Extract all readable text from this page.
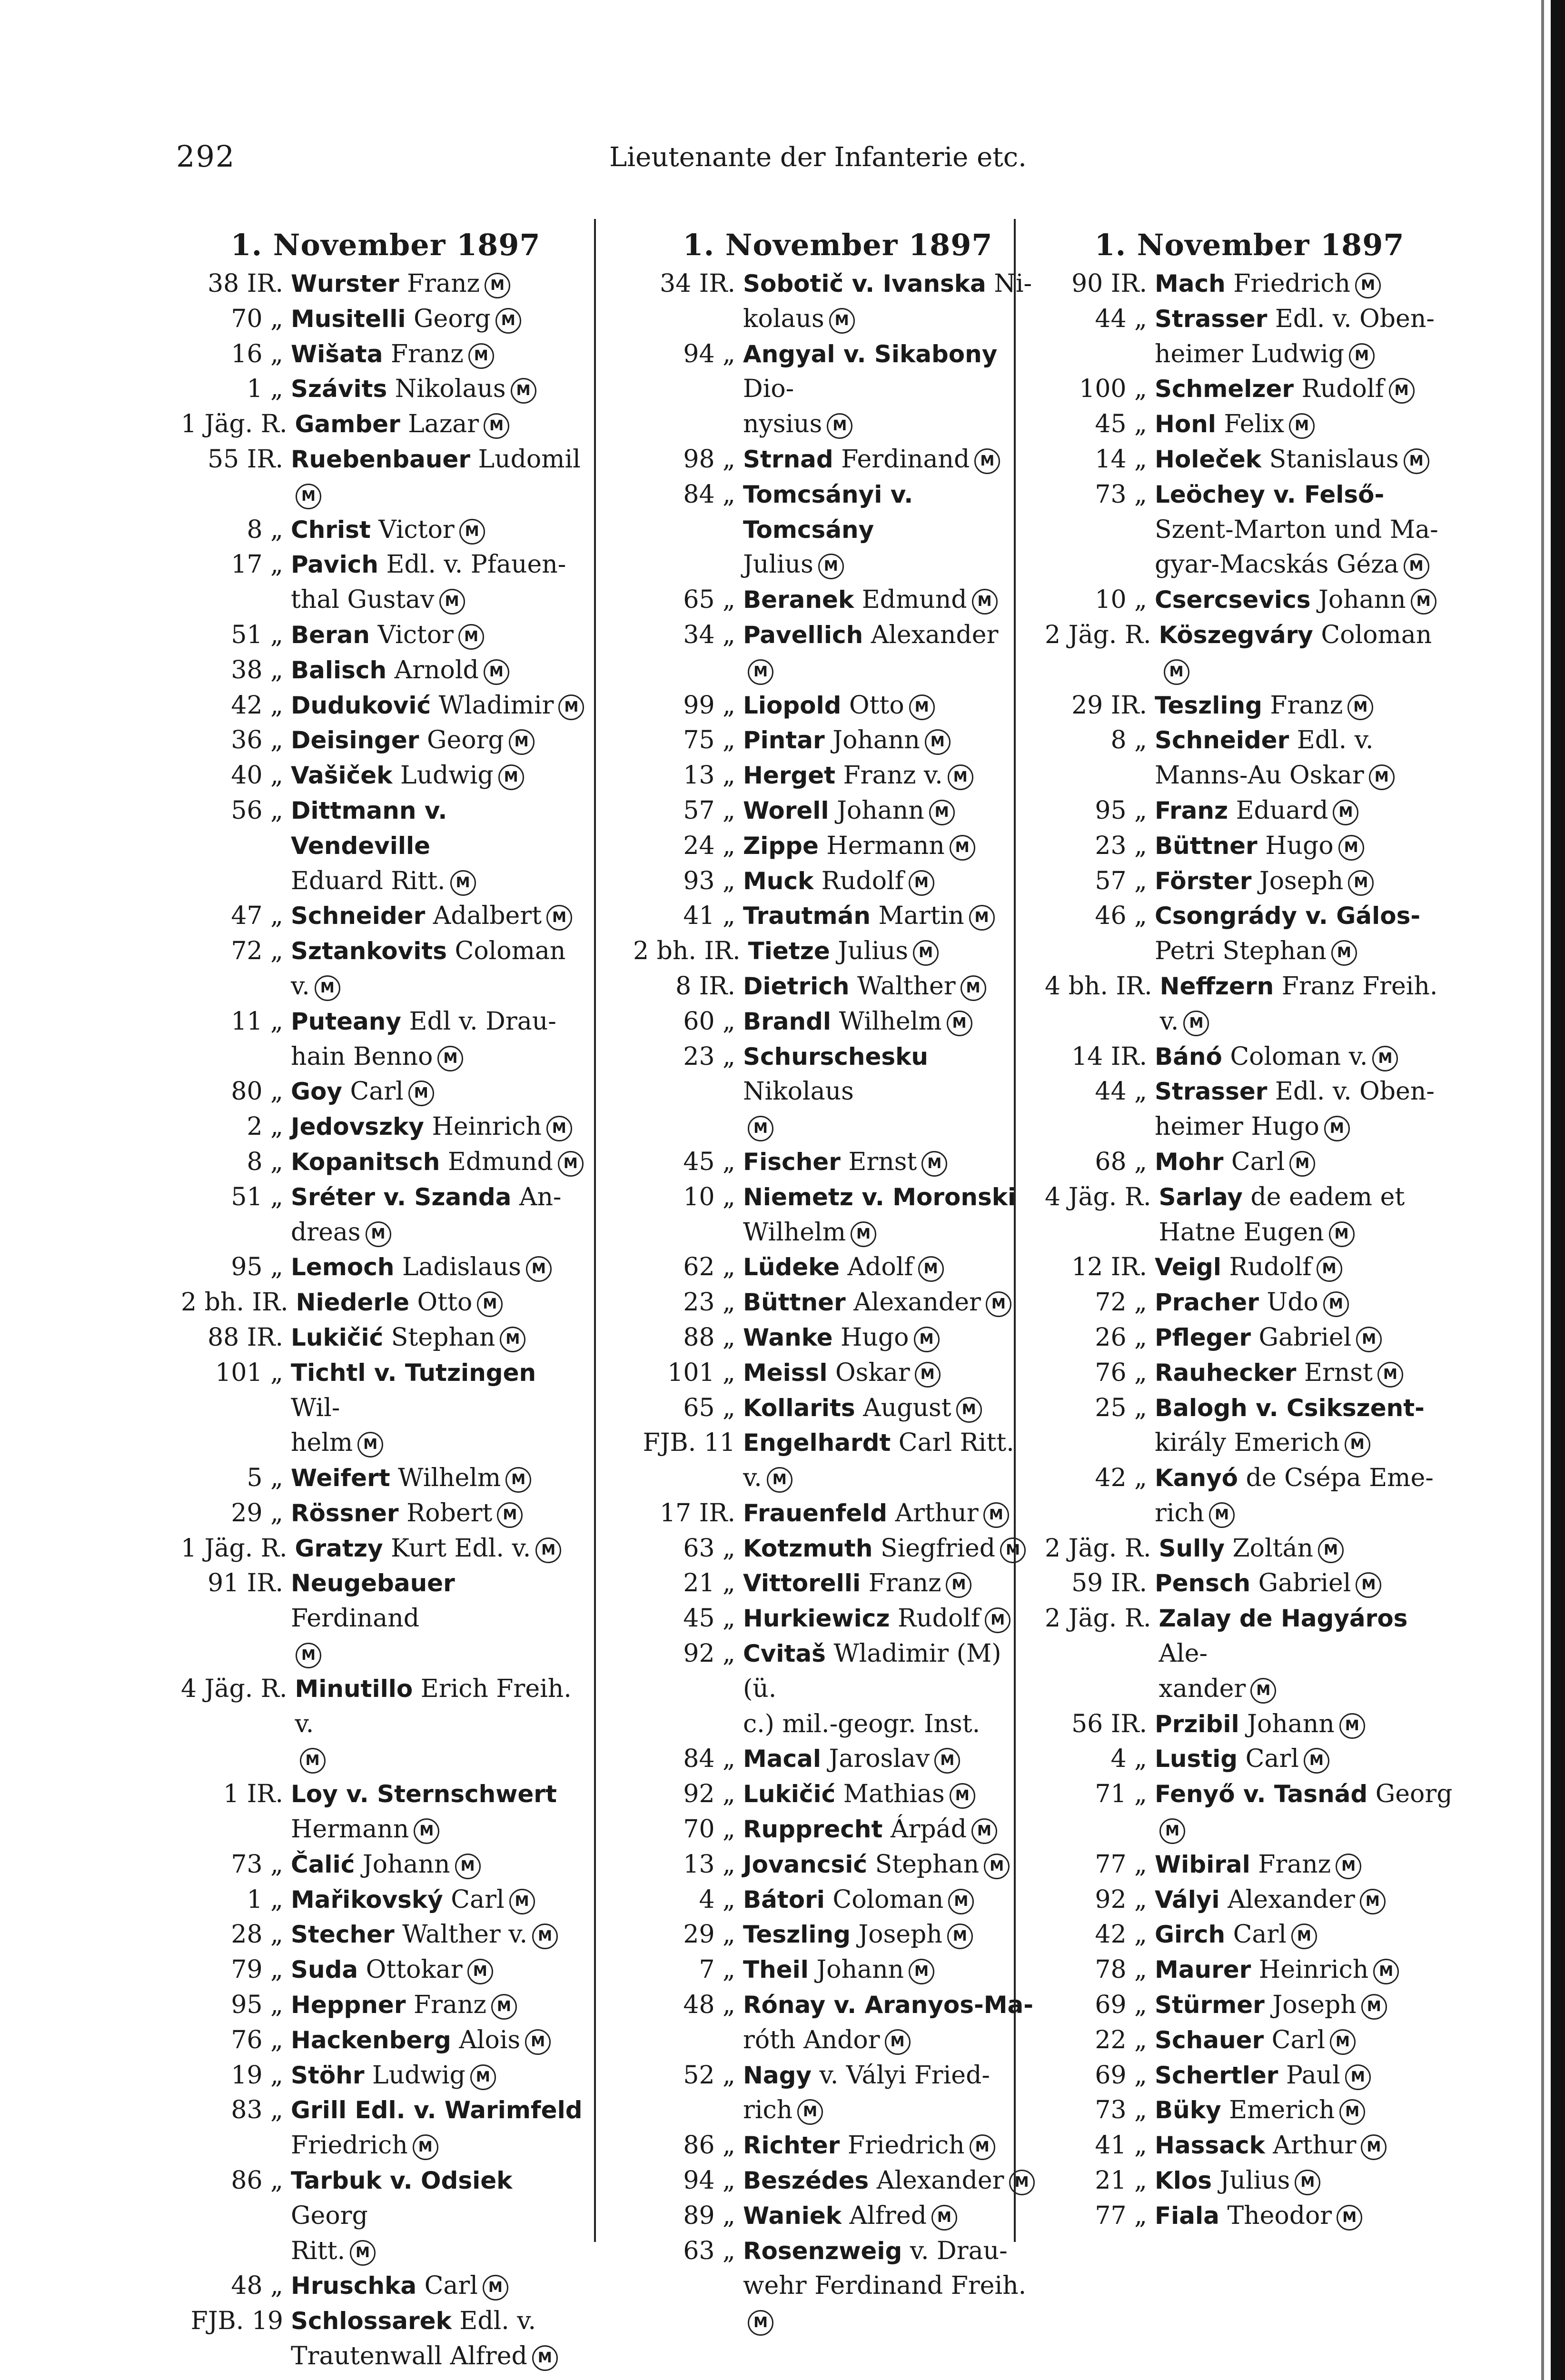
292	Lieutenante der Infanterie etc.
1. November 1897
38 IR. Wurster Franz M
70 „ Musitelli Georg M
16 „ Wišata Franz M
1 „ Szávits Nikolaus M
1 Jäg. R. Gamber Lazar M
55 IR. Ruebenbauer Ludomil
M
8 „ Christ Victor M
17 „ Pavich Edl. v. Pfauen-
thal Gustav M
51 „ Beran Victor M
38 „ Balisch Arnold M
42 „ Duduković Wladimir M
36 „ Deisinger Georg M
40 „ Vašiček Ludwig M
56 „ Dittmann v. Vendeville
Eduard Ritt. M
47 „ Schneider Adalbert M
72 „ Sztankovits Coloman
v. M
11 „ Puteany Edl v. Drau-
hain Benno M
80 „ Goy Carl M
2 „ Jedovszky Heinrich M
8 „ Kopanitsch Edmund M
51 „ Sréter v. Szanda An-
dreas M
95 „ Lemoch Ladislaus M
2 bh. IR. Niederle Otto M
88 IR. Lukičić Stephan M
101 „ Tichtl v. Tutzingen Wil-
helm M
5 „ Weifert Wilhelm M
29 „ Rössner Robert M
1 Jäg. R. Gratzy Kurt Edl. v. M
91 IR. Neugebauer Ferdinand
M
4 Jäg. R. Minutillo Erich Freih. v.
M
1 IR. Loy v. Sternschwert
Hermann M
73 „ Čalić Johann M
1 „ Mařikovský Carl M
28 „ Stecher Walther v. M
79 „ Suda Ottokar M
95 „ Heppner Franz M
76 „ Hackenberg Alois M
19 „ Stöhr Ludwig M
83 „ Grill Edl. v. Warimfeld
Friedrich M
86 „ Tarbuk v. Odsiek Georg
Ritt. M
48 „ Hruschka Carl M
FJB. 19 Schlossarek Edl. v.
Trautenwall Alfred M
1. November 1897
34 IR. Sobotič v. Ivanska Ni-
kolaus M
94 „ Angyal v. Sikabony Dio-
nysius M
98 „ Strnad Ferdinand M
84 „ Tomcsányi v. Tomcsány
Julius M
65 „ Beranek Edmund M
34 „ Pavellich Alexander
M
99 „ Liopold Otto M
75 „ Pintar Johann M
13 „ Herget Franz v. M
57 „ Worell Johann M
24 „ Zippe Hermann M
93 „ Muck Rudolf M
41 „ Trautmán Martin M
2 bh. IR. Tietze Julius M
8 IR. Dietrich Walther M
60 „ Brandl Wilhelm M
23 „ Schurschesku Nikolaus
M
45 „ Fischer Ernst M
10 „ Niemetz v. Moronski
Wilhelm M
62 „ Lüdeke Adolf M
23 „ Büttner Alexander M
88 „ Wanke Hugo M
101 „ Meissl Oskar M
65 „ Kollarits August M
FJB. 11 Engelhardt Carl Ritt.
v. M
17 IR. Frauenfeld Arthur M
63 „ Kotzmuth Siegfried M
21 „ Vittorelli Franz M
45 „ Hurkiewicz Rudolf M
92 „ Cvitaš Wladimir (M) (ü.
c.) mil.-geogr. Inst.
84 „ Macal Jaroslav M
92 „ Lukičić Mathias M
70 „ Rupprecht Árpád M
13 „ Jovancsić Stephan M
4 „ Bátori Coloman M
29 „ Teszling Joseph M
7 „ Theil Johann M
48 „ Rónay v. Aranyos-Ma-
róth Andor M
52 „ Nagy v. Vályi Fried-
rich M
86 „ Richter Friedrich M
94 „ Beszédes Alexander M
89 „ Waniek Alfred M
63 „ Rosenzweig v. Drau-
wehr Ferdinand Freih.
M
1. November 1897
90 IR. Mach Friedrich M
44 „ Strasser Edl. v. Oben-
heimer Ludwig M
100 „ Schmelzer Rudolf M
45 „ Honl Felix M
14 „ Holeček Stanislaus M
73 „ Leöchey v. Felső-
Szent-Marton und Ma-
gyar-Macskás Géza M
10 „ Csercsevics Johann M
2 Jäg. R. Köszegváry Coloman
M
29 IR. Teszling Franz M
8 „ Schneider Edl. v.
Manns-Au Oskar M
95 „ Franz Eduard M
23 „ Büttner Hugo M
57 „ Förster Joseph M
46 „ Csongrády v. Gálos-
Petri Stephan M
4 bh. IR. Neffzern Franz Freih.
v. M
14 IR. Bánó Coloman v. M
44 „ Strasser Edl. v. Oben-
heimer Hugo M
68 „ Mohr Carl M
4 Jäg. R. Sarlay de eadem et
Hatne Eugen M
12 IR. Veigl Rudolf M
72 „ Pracher Udo M
26 „ Pfleger Gabriel M
76 „ Rauhecker Ernst M
25 „ Balogh v. Csikszent-
király Emerich M
42 „ Kanyó de Csépa Eme-
rich M
2 Jäg. R. Sully Zoltán M
59 IR. Pensch Gabriel M
2 Jäg. R. Zalay de Hagyáros Ale-
xander M
56 IR. Przibil Johann M
4 „ Lustig Carl M
71 „ Fenyő v. Tasnád Georg
M
77 „ Wibiral Franz M
92 „ Vályi Alexander M
42 „ Girch Carl M
78 „ Maurer Heinrich M
69 „ Stürmer Joseph M
22 „ Schauer Carl M
69 „ Schertler Paul M
73 „ Büky Emerich M
41 „ Hassack Arthur M
21 „ Klos Julius M
77 „ Fiala Theodor M
